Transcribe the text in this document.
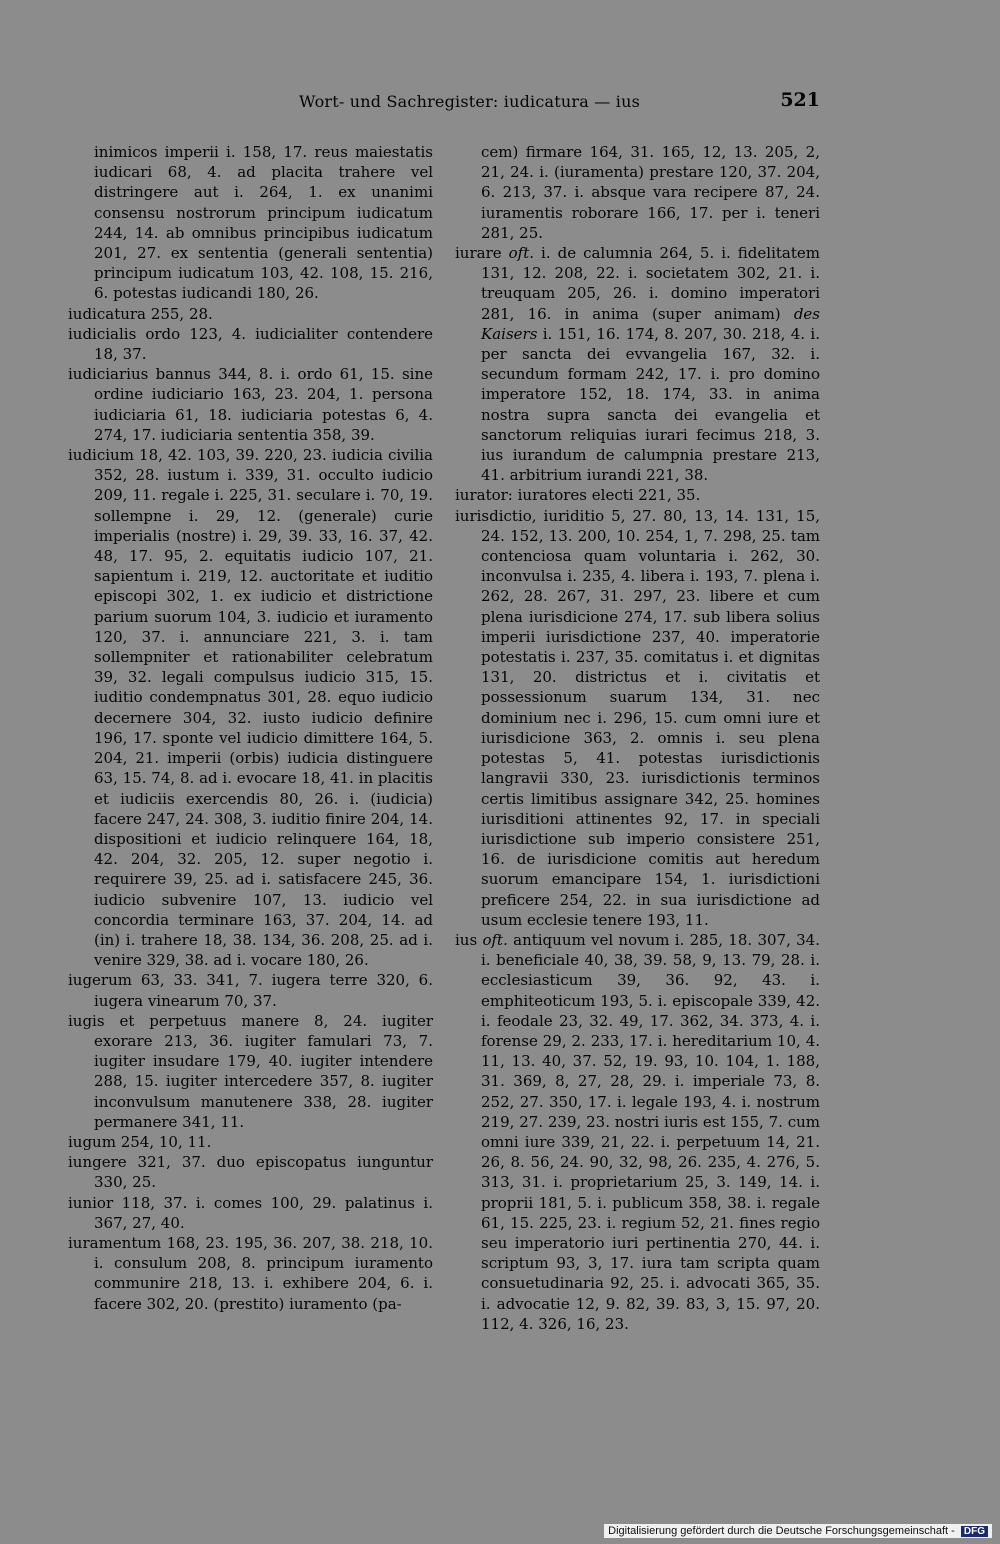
Wort- und Sachregister: iudicatura — ius	521

inimicos imperii i. 158, 17. reus maiestatis iudicari 68, 4. ad placita trahere vel distringere aut i. 264, 1. ex unanimi consensu nostrorum principum iudicatum 244, 14. ab omnibus principibus iudicatum 201, 27. ex sententia (generali sententia) principum iudicatum 103, 42. 108, 15. 216, 6. potestas iudicandi 180, 26.

iudicatura 255, 28.

iudicialis ordo 123, 4. iudicialiter contendere 18, 37.

iudiciarius bannus 344, 8. i. ordo 61, 15. sine ordine iudiciario 163, 23. 204, 1. persona iudiciaria 61, 18. iudiciaria potestas 6, 4. 274, 17. iudiciaria sententia 358, 39.

iudicium 18, 42. 103, 39. 220, 23. iudicia civilia 352, 28. iustum i. 339, 31. occulto iudicio 209, 11. regale i. 225, 31. seculare i. 70, 19. sollempne i. 29, 12. (generale) curie imperialis (nostre) i. 29, 39. 33, 16. 37, 42. 48, 17. 95, 2. equitatis iudicio 107, 21. sapientum i. 219, 12. auctoritate et iuditio episcopi 302, 1. ex iudicio et districtione parium suorum 104, 3. iudicio et iuramento 120, 37. i. annunciare 221, 3. i. tam sollempniter et rationabiliter celebratum 39, 32. legali compulsus iudicio 315, 15. iuditio condempnatus 301, 28. equo iudicio decernere 304, 32. iusto iudicio definire 196, 17. sponte vel iudicio dimittere 164, 5. 204, 21. imperii (orbis) iudicia distinguere 63, 15. 74, 8. ad i. evocare 18, 41. in placitis et iudiciis exercendis 80, 26. i. (iudicia) facere 247, 24. 308, 3. iuditio finire 204, 14. dispositioni et iudicio relinquere 164, 18, 42. 204, 32. 205, 12. super negotio i. requirere 39, 25. ad i. satisfacere 245, 36. iudicio subvenire 107, 13. iudicio vel concordia terminare 163, 37. 204, 14. ad (in) i. trahere 18, 38. 134, 36. 208, 25. ad i. venire 329, 38. ad i. vocare 180, 26.

iugerum 63, 33. 341, 7. iugera terre 320, 6. iugera vinearum 70, 37.

iugis et perpetuus manere 8, 24. iugiter exorare 213, 36. iugiter famulari 73, 7. iugiter insudare 179, 40. iugiter intendere 288, 15. iugiter intercedere 357, 8. iugiter inconvulsum manutenere 338, 28. iugiter permanere 341, 11.

iugum 254, 10, 11.

iungere 321, 37. duo episcopatus iunguntur 330, 25.

iunior 118, 37. i. comes 100, 29. palatinus i. 367, 27, 40.

iuramentum 168, 23. 195, 36. 207, 38. 218, 10. i. consulum 208, 8. principum iuramento communire 218, 13. i. exhibere 204, 6. i. facere 302, 20. (prestito) iuramento (pa-

cem) firmare 164, 31. 165, 12, 13. 205, 2, 21, 24. i. (iuramenta) prestare 120, 37. 204, 6. 213, 37. i. absque vara recipere 87, 24. iuramentis roborare 166, 17. per i. teneri 281, 25.

iurare oft. i. de calumnia 264, 5. i. fidelitatem 131, 12. 208, 22. i. societatem 302, 21. i. treuquam 205, 26. i. domino imperatori 281, 16. in anima (super animam) des Kaisers i. 151, 16. 174, 8. 207, 30. 218, 4. i. per sancta dei evvangelia 167, 32. i. secundum formam 242, 17. i. pro domino imperatore 152, 18. 174, 33. in anima nostra supra sancta dei evangelia et sanctorum reliquias iurari fecimus 218, 3. ius iurandum de calumpnia prestare 213, 41. arbitrium iurandi 221, 38.

iurator: iuratores electi 221, 35.

iurisdictio, iuriditio 5, 27. 80, 13, 14. 131, 15, 24. 152, 13. 200, 10. 254, 1, 7. 298, 25. tam contenciosa quam voluntaria i. 262, 30. inconvulsa i. 235, 4. libera i. 193, 7. plena i. 262, 28. 267, 31. 297, 23. libere et cum plena iurisdicione 274, 17. sub libera solius imperii iurisdictione 237, 40. imperatorie potestatis i. 237, 35. comitatus i. et dignitas 131, 20. districtus et i. civitatis et possessionum suarum 134, 31. nec dominium nec i. 296, 15. cum omni iure et iurisdicione 363, 2. omnis i. seu plena potestas 5, 41. potestas iurisdictionis langravii 330, 23. iurisdictionis terminos certis limitibus assignare 342, 25. homines iurisditioni attinentes 92, 17. in speciali iurisdictione sub imperio consistere 251, 16. de iurisdicione comitis aut heredum suorum emancipare 154, 1. iurisdictioni preficere 254, 22. in sua iurisdictione ad usum ecclesie tenere 193, 11.

ius oft. antiquum vel novum i. 285, 18. 307, 34. i. beneficiale 40, 38, 39. 58, 9, 13. 79, 28. i. ecclesiasticum 39, 36. 92, 43. i. emphiteoticum 193, 5. i. episcopale 339, 42. i. feodale 23, 32. 49, 17. 362, 34. 373, 4. i. forense 29, 2. 233, 17. i. hereditarium 10, 4. 11, 13. 40, 37. 52, 19. 93, 10. 104, 1. 188, 31. 369, 8, 27, 28, 29. i. imperiale 73, 8. 252, 27. 350, 17. i. legale 193, 4. i. nostrum 219, 27. 239, 23. nostri iuris est 155, 7. cum omni iure 339, 21, 22. i. perpetuum 14, 21. 26, 8. 56, 24. 90, 32, 98, 26. 235, 4. 276, 5. 313, 31. i. proprietarium 25, 3. 149, 14. i. proprii 181, 5. i. publicum 358, 38. i. regale 61, 15. 225, 23. i. regium 52, 21. fines regio seu imperatorio iuri pertinentia 270, 44. i. scriptum 93, 3, 17. iura tam scripta quam consuetudinaria 92, 25. i. advocati 365, 35. i. advocatie 12, 9. 82, 39. 83, 3, 15. 97, 20. 112, 4. 326, 16, 23.

Digitalisierung gefördert durch die Deutsche Forschungsgemeinschaft - DFG
